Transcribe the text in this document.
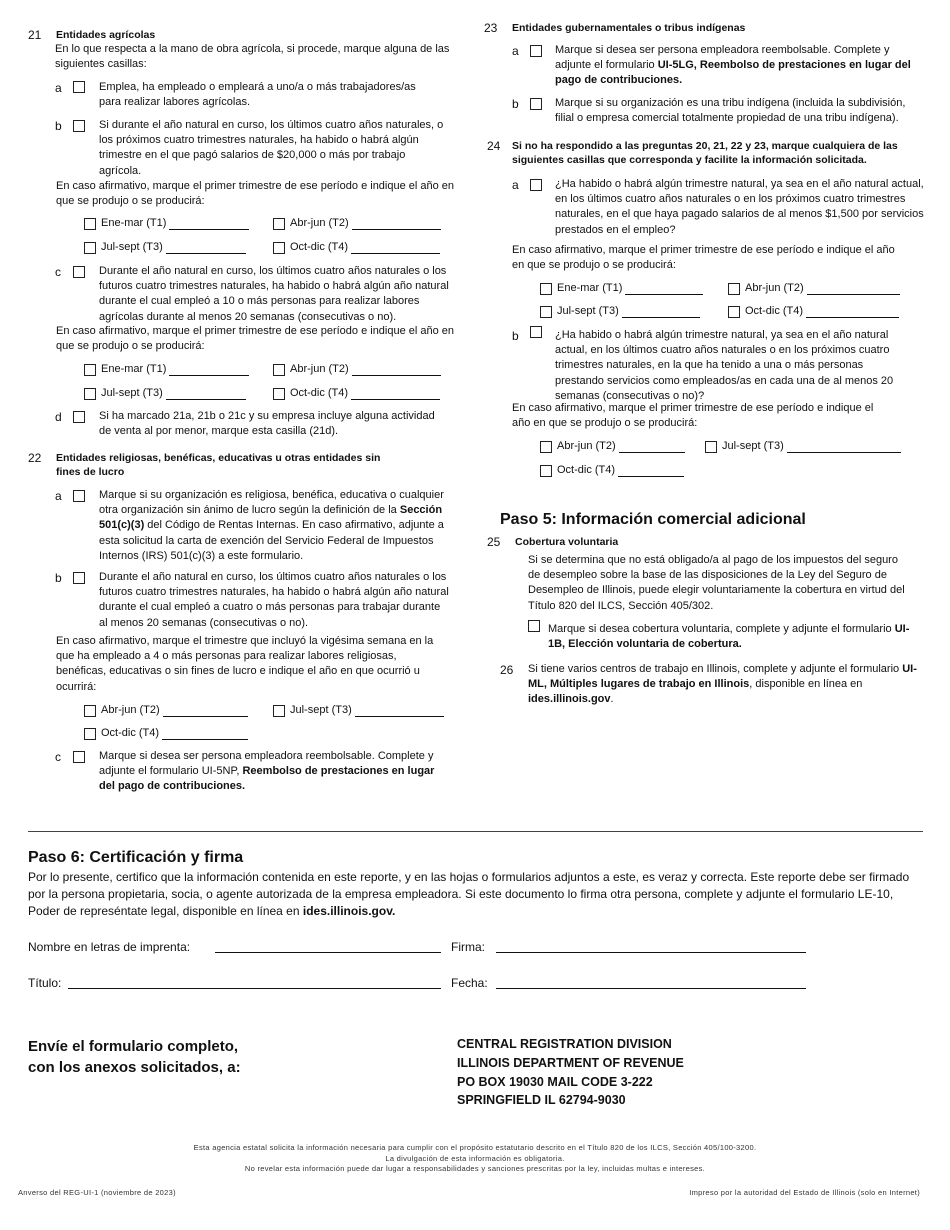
21 Entidades agrícolas
En lo que respecta a la mano de obra agrícola, si procede, marque alguna de las siguientes casillas:
a	Emplea, ha empleado o empleará a uno/a o más trabajadores/as para realizar labores agrícolas.
b	Si durante el año natural en curso, los últimos cuatro años naturales, o los próximos cuatro trimestres naturales, ha habido o habrá algún trimestre en el que pagó salarios de $20,000 o más por trabajo agrícola.
En caso afirmativo, marque el primer trimestre de ese período e indique el año en que se produjo o se producirá:
Ene-mar (T1)	Abr-jun (T2)
Jul-sept (T3)	Oct-dic (T4)
c	Durante el año natural en curso, los últimos cuatro años naturales o los futuros cuatro trimestres naturales, ha habido o habrá algún año natural durante el cual empleó a 10 o más personas para realizar labores agrícolas durante al menos 20 semanas (consecutivas o no).
En caso afirmativo, marque el primer trimestre de ese período e indique el año en que se produjo o se producirá:
Ene-mar (T1)	Abr-jun (T2)
Jul-sept (T3)	Oct-dic (T4)
d	Si ha marcado 21a, 21b o 21c y su empresa incluye alguna actividad de venta al por menor, marque esta casilla (21d).
22 Entidades religiosas, benéficas, educativas u otras entidades sin fines de lucro
a	Marque si su organización es religiosa, benéfica, educativa o cualquier otra organización sin ánimo de lucro según la definición de la Sección 501(c)(3) del Código de Rentas Internas. En caso afirmativo, adjunte a esta solicitud la carta de exención del Servicio Federal de Impuestos Internos (IRS) 501(c)(3) a este formulario.
b	Durante el año natural en curso, los últimos cuatro años naturales o los futuros cuatro trimestres naturales, ha habido o habrá algún año natural durante el cual empleó a cuatro o más personas para trabajar durante al menos 20 semanas (consecutivas o no).
En caso afirmativo, marque el trimestre que incluyó la vigésima semana en la que ha empleado a 4 o más personas para realizar labores religiosas, benéficas, educativas o sin fines de lucro e indique el año en que ocurrió u ocurrirá:
Abr-jun (T2)	Jul-sept (T3)
Oct-dic (T4)
c	Marque si desea ser persona empleadora reembolsable. Complete y adjunte el formulario UI-5NP, Reembolso de prestaciones en lugar del pago de contribuciones.
23 Entidades gubernamentales o tribus indígenas
a	Marque si desea ser persona empleadora reembolsable. Complete y adjunte el formulario UI-5LG, Reembolso de prestaciones en lugar del pago de contribuciones.
b	Marque si su organización es una tribu indígena (incluida la subdivisión, filial o empresa comercial totalmente propiedad de una tribu indígena).
24 Si no ha respondido a las preguntas 20, 21, 22 y 23, marque cualquiera de las siguientes casillas que corresponda y facilite la información solicitada.
a	¿Ha habido o habrá algún trimestre natural, ya sea en el año natural actual, en los últimos cuatro años naturales o en los próximos cuatro trimestres naturales, en el que haya pagado salarios de al menos $1,500 por servicios prestados en el empleo?
En caso afirmativo, marque el primer trimestre de ese período e indique el año en que se produjo o se producirá:
Ene-mar (T1)	Abr-jun (T2)
Jul-sept (T3)	Oct-dic (T4)
b	¿Ha habido o habrá algún trimestre natural, ya sea en el año natural actual, en los últimos cuatro años naturales o en los próximos cuatro trimestres naturales, en la que ha tenido a una o más personas prestando servicios como empleados/as en cada una de al menos 20 semanas (consecutivas o no)?
En caso afirmativo, marque el primer trimestre de ese período e indique el año en que se produjo o se producirá:
Abr-jun (T2)	Jul-sept (T3)
Oct-dic (T4)
Paso 5: Información comercial adicional
25 Cobertura voluntaria
Si se determina que no está obligado/a al pago de los impuestos del seguro de desempleo sobre la base de las disposiciones de la Ley del Seguro de Desempleo de Illinois, puede elegir voluntariamente la cobertura en virtud del Título 820 del ILCS, Sección 405/302.
Marque si desea cobertura voluntaria, complete y adjunte el formulario UI-1B, Elección voluntaria de cobertura.
26 Si tiene varios centros de trabajo en Illinois, complete y adjunte el formulario UI-ML, Múltiples lugares de trabajo en Illinois, disponible en línea en ides.illinois.gov.
Paso 6: Certificación y firma
Por lo presente, certifico que la información contenida en este reporte, y en las hojas o formularios adjuntos a este, es veraz y correcta. Este reporte debe ser firmado por la persona propietaria, socia, o agente autorizada de la empresa empleadora. Si este documento lo firma otra persona, complete y adjunte el formulario LE-10, Poder de represéntate legal, disponible en línea en ides.illinois.gov.
Nombre en letras de imprenta:	Firma:
Título:	Fecha:
Envíe el formulario completo,
con los anexos solicitados, a:
CENTRAL REGISTRATION DIVISION
ILLINOIS DEPARTMENT OF REVENUE
PO BOX 19030 MAIL CODE 3-222
SPRINGFIELD IL 62794-9030
Esta agencia estatal solicita la información necesaria para cumplir con el propósito estatutario descrito en el Título 820 de los ILCS, Sección 405/100-3200.
La divulgación de esta información es obligatoria.
No revelar esta información puede dar lugar a responsabilidades y sanciones prescritas por la ley, incluidas multas e intereses.
Anverso del REG-UI-1 (noviembre de 2023)	Impreso por la autoridad del Estado de Illinois (solo en Internet)
